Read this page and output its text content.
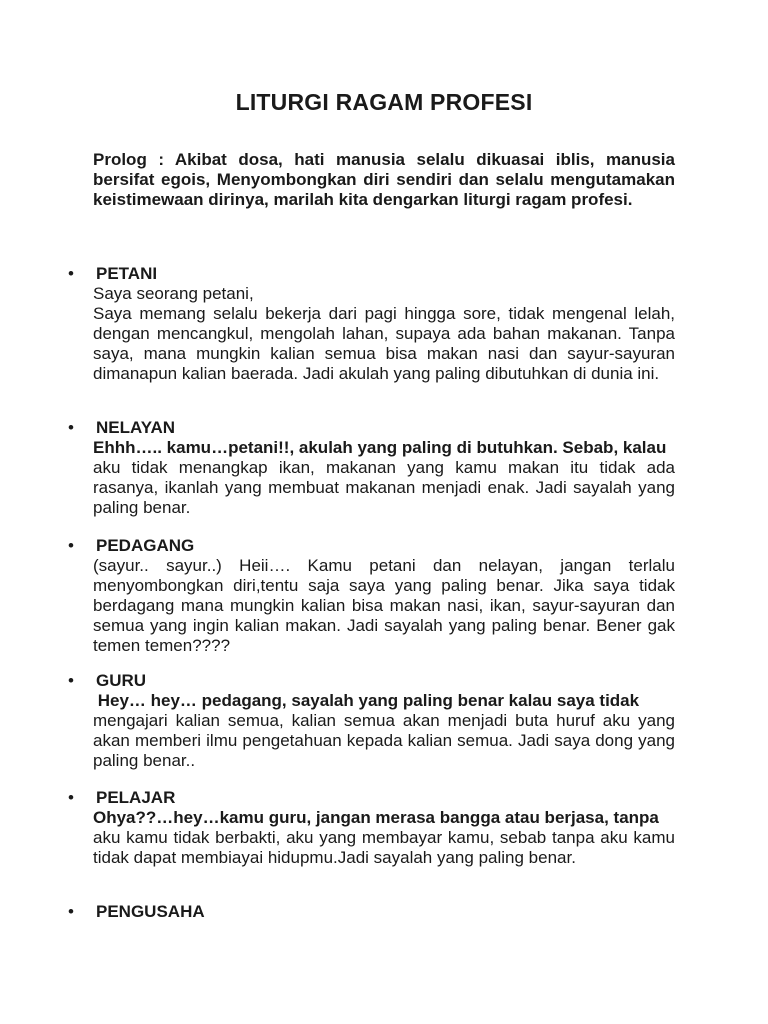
LITURGI RAGAM PROFESI
Prolog : Akibat dosa, hati manusia selalu dikuasai iblis, manusia bersifat egois, Menyombongkan diri sendiri dan selalu mengutamakan keistimewaan dirinya, marilah kita dengarkan liturgi ragam profesi.
• PETANI

Saya seorang petani,

Saya memang selalu bekerja dari pagi hingga sore, tidak mengenal lelah, dengan mencangkul, mengolah lahan, supaya ada bahan makanan. Tanpa saya, mana mungkin kalian semua bisa makan nasi dan sayur-sayuran dimanapun kalian baerada. Jadi akulah yang paling dibutuhkan di dunia ini.

• NELAYAN

Ehhh….. kamu…petani!!, akulah yang paling di butuhkan. Sebab, kalau

aku tidak menangkap ikan, makanan yang kamu makan itu tidak ada rasanya, ikanlah yang membuat makanan menjadi enak. Jadi sayalah yang paling benar.

• PEDAGANG

(sayur.. sayur..) Heii…. Kamu petani dan nelayan, jangan terlalu menyombongkan diri,tentu saja saya yang paling benar. Jika saya tidak berdagang mana mungkin kalian bisa makan nasi, ikan, sayur-sayuran dan semua yang ingin kalian makan. Jadi sayalah yang paling benar. Bener gak temen temen????

• GURU

Hey… hey… pedagang, sayalah yang paling benar kalau saya tidak

mengajari kalian semua, kalian semua akan menjadi buta huruf aku yang akan memberi ilmu pengetahuan kepada kalian semua. Jadi saya dong yang paling benar..

• PELAJAR

Ohya??…hey…kamu guru, jangan merasa bangga atau berjasa, tanpa

aku kamu tidak berbakti, aku yang membayar kamu, sebab tanpa aku kamu tidak dapat membiayai hidupmu.Jadi sayalah yang paling benar.

• PENGUSAHA
